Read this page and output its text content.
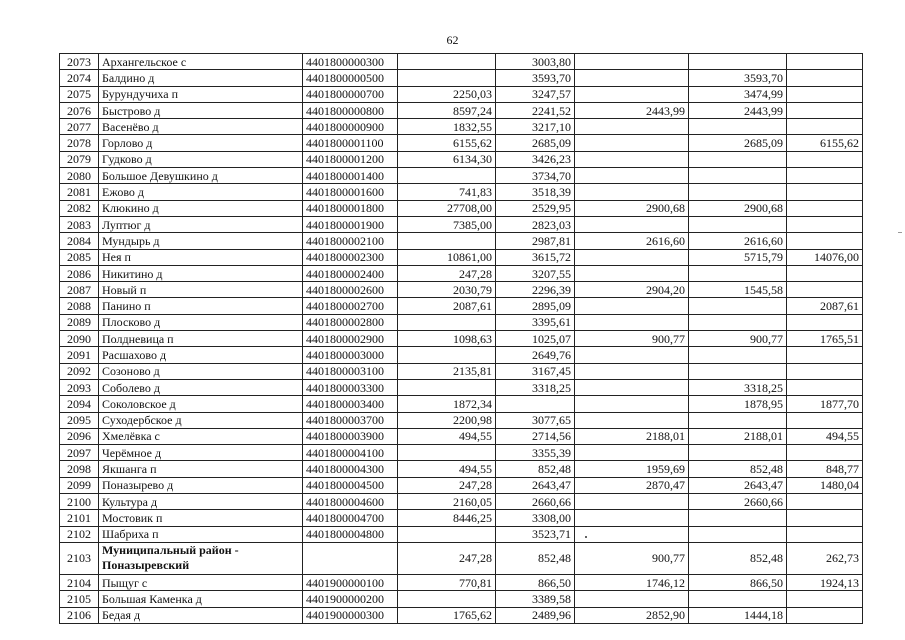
62
2073	Архангельское с	4401800000300		3003,80			
2074	Балдино д	4401800000500		3593,70		3593,70	
2075	Бурундучиха п	4401800000700	2250,03	3247,57		3474,99	
2076	Быстрово д	4401800000800	8597,24	2241,52	2443,99	2443,99	
2077	Васенёво д	4401800000900	1832,55	3217,10			
2078	Горлово д	4401800001100	6155,62	2685,09		2685,09	6155,62
2079	Гудково д	4401800001200	6134,30	3426,23			
2080	Большое Девушкино д	4401800001400		3734,70			
2081	Ежово д	4401800001600	741,83	3518,39			
2082	Клюкино д	4401800001800	27708,00	2529,95	2900,68	2900,68	
2083	Луптюг д	4401800001900	7385,00	2823,03			
2084	Мундырь д	4401800002100		2987,81	2616,60	2616,60	
2085	Нея п	4401800002300	10861,00	3615,72		5715,79	14076,00
2086	Никитино д	4401800002400	247,28	3207,55			
2087	Новый п	4401800002600	2030,79	2296,39	2904,20	1545,58	
2088	Панино п	4401800002700	2087,61	2895,09			2087,61
2089	Плосково д	4401800002800		3395,61			
2090	Полдневица п	4401800002900	1098,63	1025,07	900,77	900,77	1765,51
2091	Расшахово д	4401800003000		2649,76			
2092	Созоново д	4401800003100	2135,81	3167,45			
2093	Соболево д	4401800003300		3318,25		3318,25	
2094	Соколовское д	4401800003400	1872,34			1878,95	1877,70
2095	Суходербское д	4401800003700	2200,98	3077,65			
2096	Хмелёвка с	4401800003900	494,55	2714,56	2188,01	2188,01	494,55
2097	Черёмное д	4401800004100		3355,39			
2098	Якшанга п	4401800004300	494,55	852,48	1959,69	852,48	848,77
2099	Поназырево д	4401800004500	247,28	2643,47	2870,47	2643,47	1480,04
2100	Культура д	4401800004600	2160,05	2660,66		2660,66	
2101	Мостовик п	4401800004700	8446,25	3308,00			
2102	Шабриха п	4401800004800		3523,71			
2103	Муниципальный район - Поназыревский		247,28	852,48	900,77	852,48	262,73
2104	Пыщуг с	4401900000100	770,81	866,50	1746,12	866,50	1924,13
2105	Большая Каменка д	4401900000200		3389,58			
2106	Бедая д	4401900000300	1765,62	2489,96	2852,90	1444,18	
